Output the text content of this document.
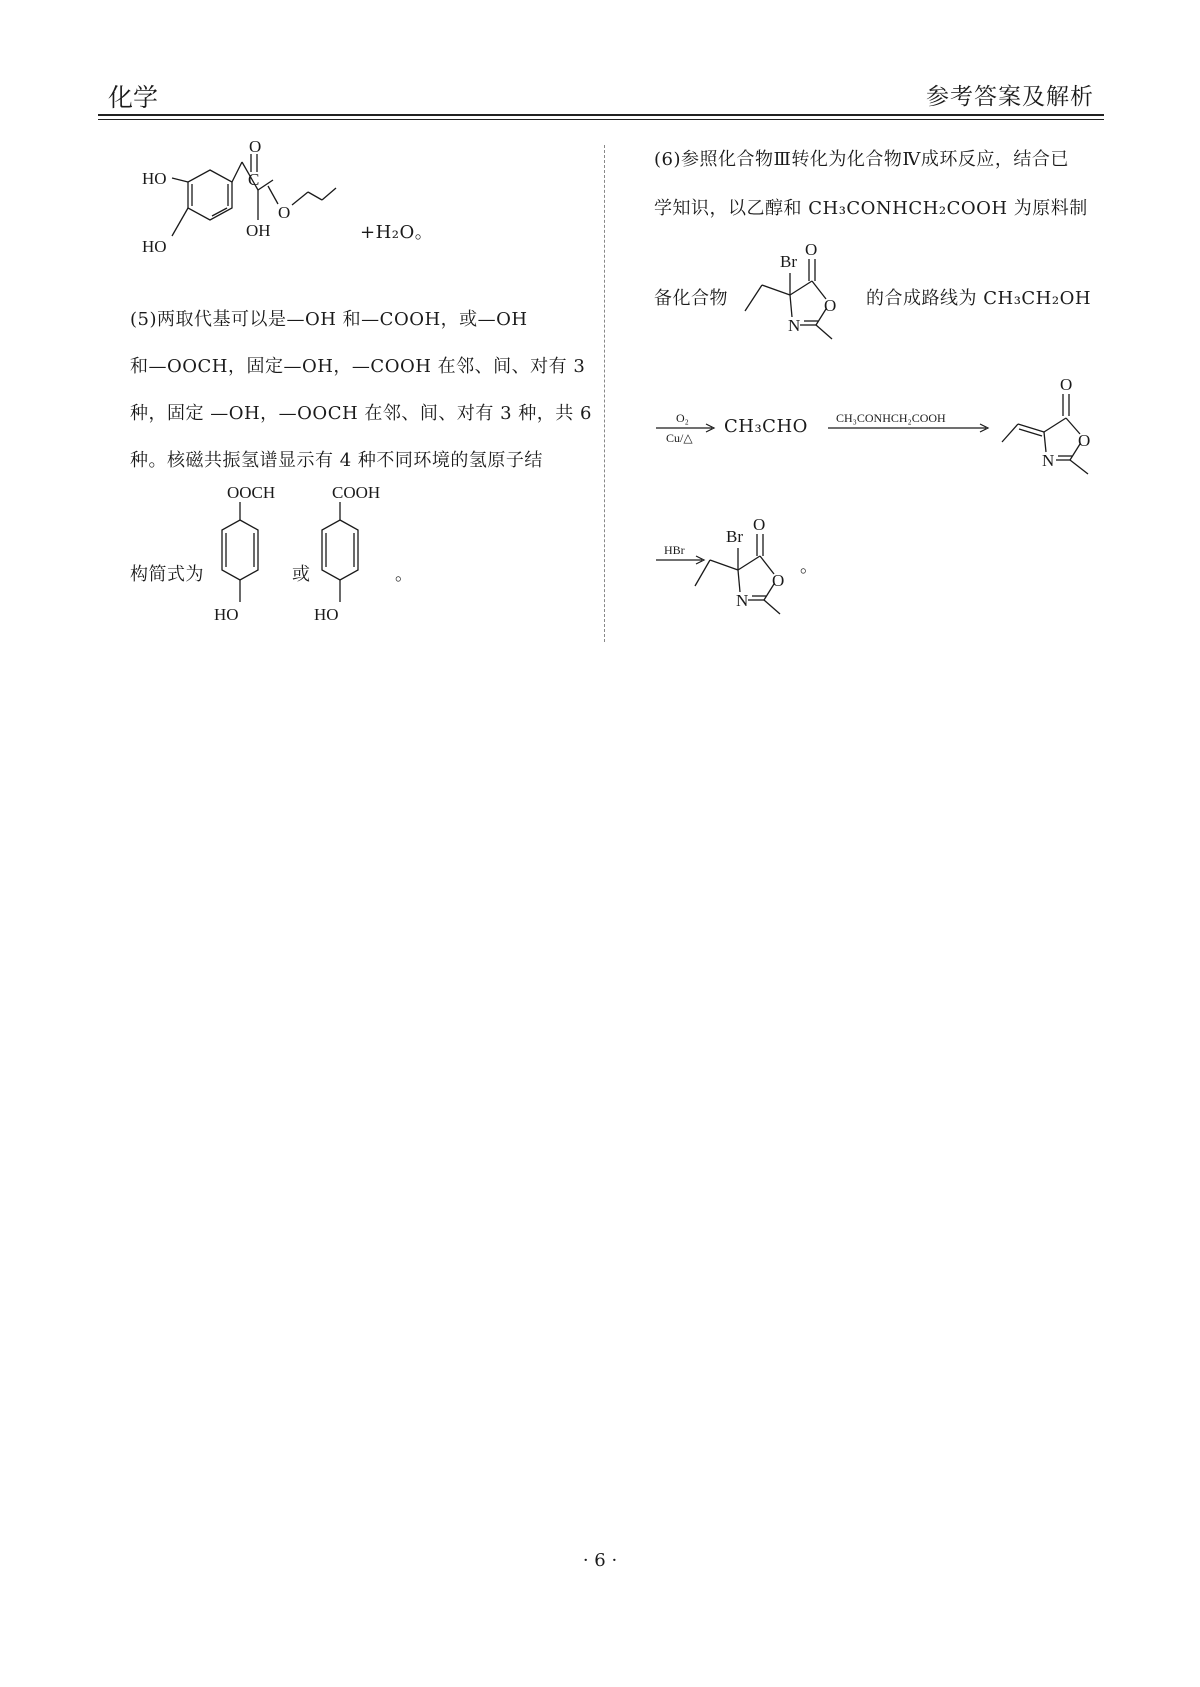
化学	参考答案及解析
O
C
O
OH
HO
HO
+H₂O。
(5)两取代基可以是—OH 和—COOH，或—OH
和—OOCH，固定—OH，—COOH 在邻、间、对有 3
种，固定 —OH，—OOCH 在邻、间、对有 3 种，共 6
种。核磁共振氢谱显示有 4 种不同环境的氢原子结
构简式为	或	。
OOCH
HO
COOH
HO
(6)参照化合物Ⅲ转化为化合物Ⅳ成环反应，结合已
学知识，以乙醇和 CH₃CONHCH₂COOH 为原料制
备化合物
O
Br
O
N
的合成路线为 CH₃CH₂OH
O₂
Cu/△
CH₃CHO CH₃CONHCH₂COOH
O
O
N
HBr
O
Br
O
N
。
· 6 ·
